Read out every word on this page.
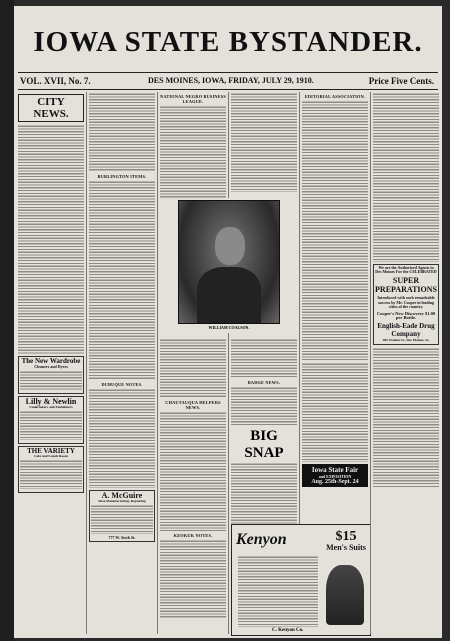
IOWA STATE BYSTANDER.
VOL. XVII, No. 7.	DES MOINES, IOWA, FRIDAY, JULY 29, 1910.	Price Five Cents.
CITY NEWS.
The New Wardrobe
Cleaners and Dyers
Lilly & Newlin
Undertakers and Embalmers
THE VARIETY
Cafe and Lunch Room
BURLINGTON ITEMS.
DUBUQUE NOTES.
A. McGuire
Shoe Manufacturing, Repairing
777 W. Sixth St.
NATIONAL NEGRO BUSINESS LEAGUE.
WILLIAM COALSON.
CHAUTAUQUA HELPERS NEWS.
KEOKUK NOTES.
BADGE NEWS.
BIG SNAP
Kenyon	$15
Men's Suits
C. Kenyon Co.
EDITORIAL ASSOCIATION.
Iowa State Fair
and EXPOSITION
Aug. 25th-Sept. 24
We are the Authorized Agents in Des Moines For the CELEBRATED
SUPER PREPARATIONS
Introduced with such remarkable success by Mr. Cooper in leading cities of the country.
Cooper's New Discovery $1.00 per Bottle.
English-Eade Drug Company
406 Walnut St., Des Moines, Ia.
